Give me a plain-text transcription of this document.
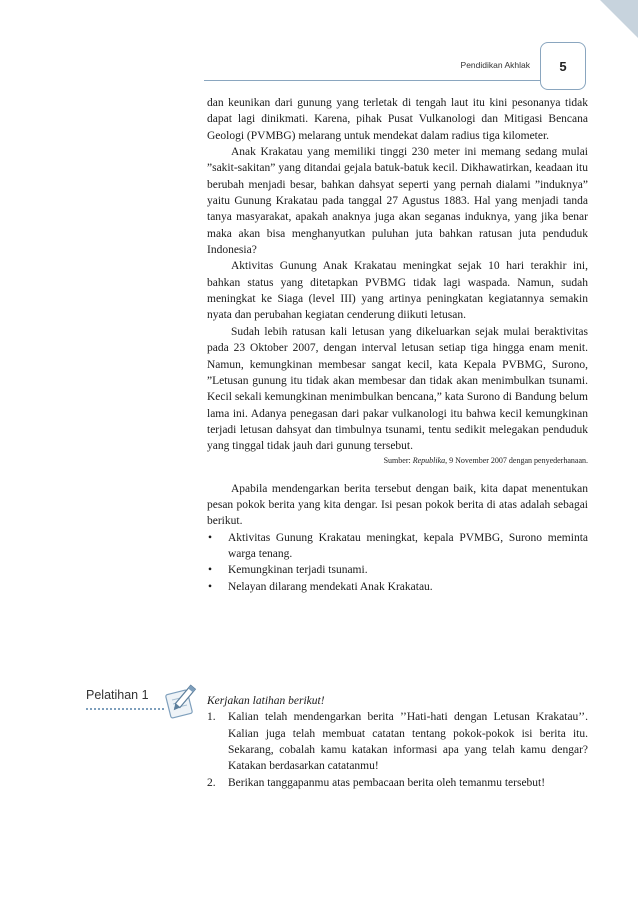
Pendidikan Akhlak 5

dan keunikan dari gunung yang terletak di tengah laut itu kini pesonanya tidak dapat lagi dinikmati. Karena, pihak Pusat Vulkanologi dan Mitigasi Bencana Geologi (PVMBG) melarang untuk mendekat dalam radius tiga kilometer.

Anak Krakatau yang memiliki tinggi 230 meter ini memang sedang mulai ”sakit-sakitan” yang ditandai gejala batuk-batuk kecil. Dikhawatirkan, keadaan itu berubah menjadi besar, bahkan dahsyat seperti yang pernah dialami ”induknya” yaitu Gunung Krakatau pada tanggal 27 Agustus 1883. Hal yang menjadi tanda tanya masyarakat, apakah anaknya juga akan seganas induknya, yang jika benar maka akan bisa menghanyutkan puluhan juta bahkan ratusan juta penduduk Indonesia?

Aktivitas Gunung Anak Krakatau meningkat sejak 10 hari terakhir ini, bahkan status yang ditetapkan PVBMG tidak lagi waspada. Namun, sudah meningkat ke Siaga (level III) yang artinya peningkatan kegiatannya semakin nyata dan perubahan kegiatan cenderung diikuti letusan.

Sudah lebih ratusan kali letusan yang dikeluarkan sejak mulai beraktivitas pada 23 Oktober 2007, dengan interval letusan setiap tiga hingga enam menit. Namun, kemungkinan membesar sangat kecil, kata Kepala PVBMG, Surono, ”Letusan gunung itu tidak akan membesar dan tidak akan menimbulkan tsunami. Kecil sekali kemungkinan menimbulkan bencana,” kata Surono di Bandung belum lama ini. Adanya penegasan dari pakar vulkanologi itu bahwa kecil kemungkinan terjadi letusan dahsyat dan timbulnya tsunami, tentu sedikit melegakan penduduk yang tinggal tidak jauh dari gunung tersebut.

Sumber: Republika, 9 November 2007 dengan penyederhanaan.

Apabila mendengarkan berita tersebut dengan baik, kita dapat menentukan pesan pokok berita yang kita dengar. Isi pesan pokok berita di atas adalah sebagai berikut.

• Aktivitas Gunung Krakatau meningkat, kepala PVMBG, Surono meminta warga tenang.
• Kemungkinan terjadi tsunami.
• Nelayan dilarang mendekati Anak Krakatau.
Pelatihan 1	Kerjakan latihan berikut!

1. Kalian telah mendengarkan berita ’’Hati-hati dengan Letusan Krakatau’’. Kalian juga telah membuat catatan tentang pokok-pokok isi berita itu. Sekarang, cobalah kamu katakan informasi apa yang telah kamu dengar? Katakan berdasarkan catatanmu!
2. Berikan tanggapanmu atas pembacaan berita oleh temanmu tersebut!
